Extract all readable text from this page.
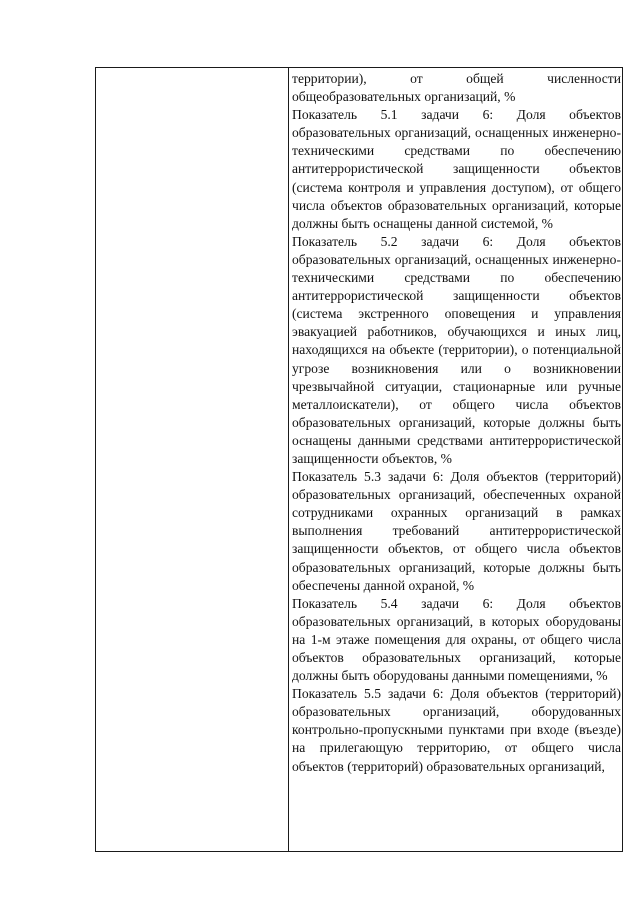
территории), от общей численности общеобразовательных организаций, %

Показатель 5.1 задачи 6: Доля объектов образовательных организаций, оснащенных инженерно-техническими средствами по обеспечению антитеррористической защищенности объектов (система контроля и управления доступом), от общего числа объектов образовательных организаций, которые должны быть оснащены данной системой, %

Показатель 5.2 задачи 6: Доля объектов образовательных организаций, оснащенных инженерно-техническими средствами по обеспечению антитеррористической защищенности объектов (система экстренного оповещения и управления эвакуацией работников, обучающихся и иных лиц, находящихся на объекте (территории), о потенциальной угрозе возникновения или о возникновении чрезвычайной ситуации, стационарные или ручные металлоискатели), от общего числа объектов образовательных организаций, которые должны быть оснащены данными средствами антитеррористической защищенности объектов, %

Показатель 5.3 задачи 6: Доля объектов (территорий) образовательных организаций, обеспеченных охраной сотрудниками охранных организаций в рамках выполнения требований антитеррористической защищенности объектов, от общего числа объектов образовательных организаций, которые должны быть обеспечены данной охраной, %

Показатель 5.4 задачи 6: Доля объектов образовательных организаций, в которых оборудованы на 1-м этаже помещения для охраны, от общего числа объектов образовательных организаций, которые должны быть оборудованы данными помещениями, %

Показатель 5.5 задачи 6: Доля объектов (территорий) образовательных организаций, оборудованных контрольно-пропускными пунктами при входе (въезде) на прилегающую территорию, от общего числа объектов (территорий) образовательных организаций,
